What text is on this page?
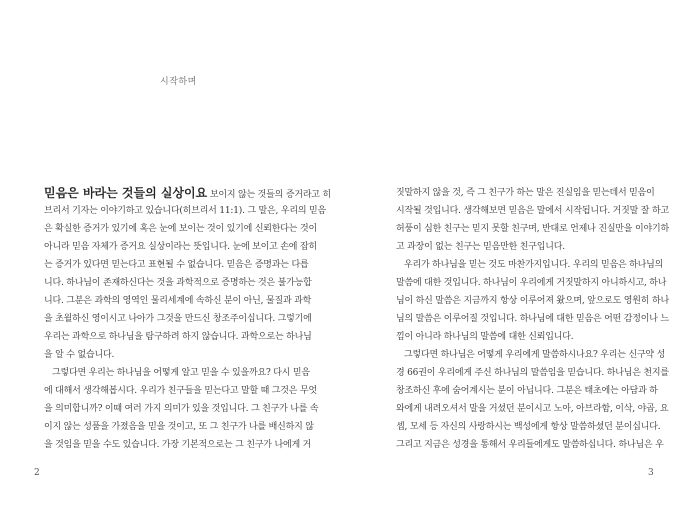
시작하며
믿음은 바라는 것들의 실상이요 보이지 않는 것들의 증거라고 히
브리서 기자는 이야기하고 있습니다(히브리서 11:1). 그 말은, 우리의 믿음
은 확실한 증거가 있기에 혹은 눈에 보이는 것이 있기에 신뢰한다는 것이
아니라 믿음 자체가 증거요 실상이라는 뜻입니다. 눈에 보이고 손에 잡히
는 증거가 있다면 믿는다고 표현될 수 없습니다. 믿음은 증명과는 다릅
니다. 하나님이 존재하신다는 것을 과학적으로 증명하는 것은 불가능합
니다. 그분은 과학의 영역인 물리세계에 속하신 분이 아닌, 물질과 과학
을 초월하신 영이시고 나아가 그것을 만드신 창조주이십니다. 그렇기에
우리는 과학으로 하나님을 탐구하려 하지 않습니다. 과학으로는 하나님
을 알 수 없습니다.
그렇다면 우리는 하나님을 어떻게 알고 믿을 수 있을까요? 다시 믿음
에 대해서 생각해봅시다. 우리가 친구들을 믿는다고 말할 때 그것은 무엇
을 의미합니까? 이때 여러 가지 의미가 있을 것입니다. 그 친구가 나를 속
이지 않는 성품을 가졌음을 믿을 것이고, 또 그 친구가 나를 배신하지 않
을 것임을 믿을 수도 있습니다. 가장 기본적으로는 그 친구가 나에게 거
2
짓말하지 않을 것, 즉 그 친구가 하는 말은 진실임을 믿는데서 믿음이
시작될 것입니다. 생각해보면 믿음은 말에서 시작됩니다. 거짓말 잘 하고
허풍이 심한 친구는 믿지 못할 친구며, 반대로 언제나 진실만을 이야기하
고 과장이 없는 친구는 믿음만한 친구입니다.
우리가 하나님을 믿는 것도 마찬가지입니다. 우리의 믿음은 하나님의
말씀에 대한 것입니다. 하나님이 우리에게 거짓말하지 아니하시고, 하나
님이 하신 말씀은 지금까지 항상 이루어져 왔으며, 앞으로도 영원히 하나
님의 말씀은 이루어질 것입니다. 하나님에 대한 믿음은 어떤 감정이나 느
낌이 아니라 하나님의 말씀에 대한 신뢰입니다.
그렇다면 하나님은 어떻게 우리에게 말씀하시나요? 우리는 신구약 성
경 66권이 우리에게 주신 하나님의 말씀임을 믿습니다. 하나님은 천지를
창조하신 후에 숨어계시는 분이 아닙니다. 그분은 태초에는 아담과 하
와에게 내려오셔서 말을 거셨던 분이시고 노아, 아브라함, 이삭, 야곱, 요
셉, 모세 등 자신의 사랑하시는 백성에게 항상 말씀하셨던 분이십니다.
그리고 지금은 성경을 통해서 우리들에게도 말씀하십니다. 하나님은 우
3
